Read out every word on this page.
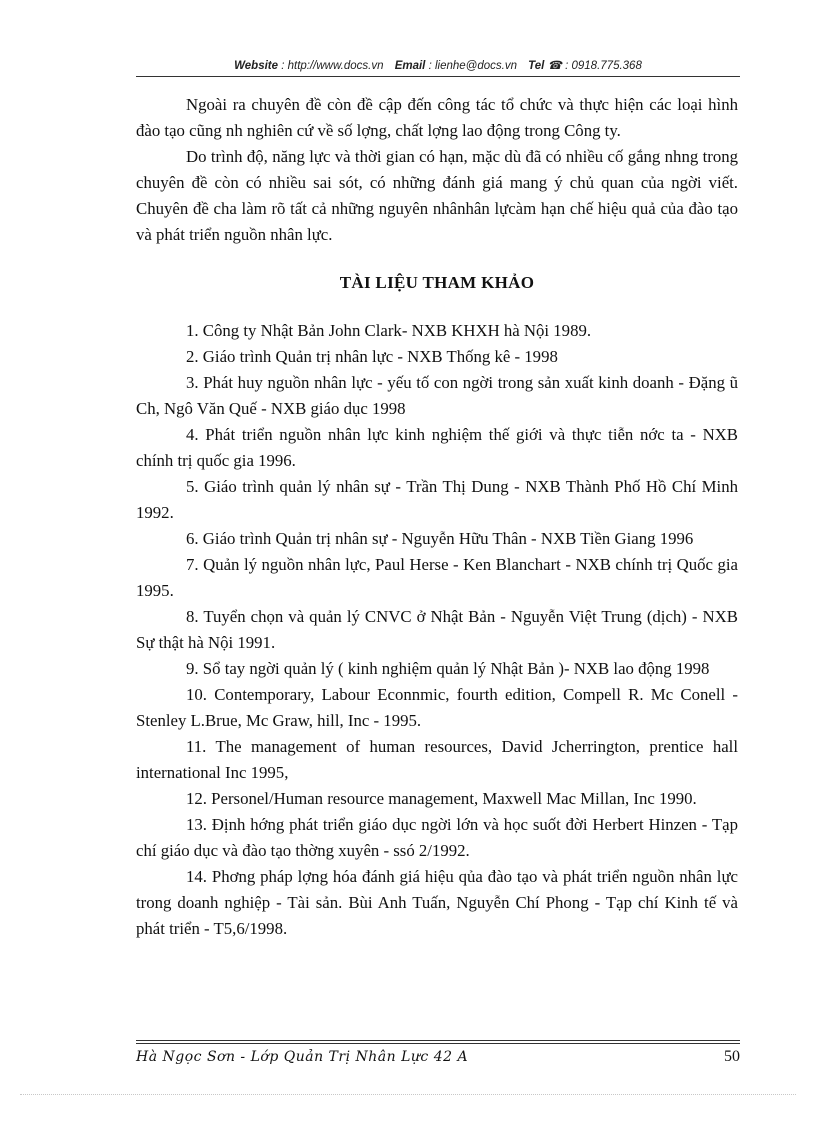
Website : http://www.docs.vn Email : lienhe@docs.vn Tel ☎ : 0918.775.368

Ngoài ra chuyên đề còn đề cập đến công tác tổ chức và thực hiện các loại hình đào tạo cũng nh nghiên cứ về số lợng, chất lợng lao động trong Công ty.

Do trình độ, năng lực và thời gian có hạn, mặc dù đã có nhiều cố gắng nhng trong chuyên đề còn có nhiều sai sót, có những đánh giá mang ý chủ quan của ngời viết. Chuyên đề cha làm rõ tất cả những nguyên nhânhân lựcàm hạn chế hiệu quả của đào tạo và phát triển nguồn nhân lực.

TÀI LIỆU THAM KHẢO

1. Công ty Nhật Bản John Clark- NXB KHXH hà Nội 1989.

2. Giáo trình Quản trị nhân lực - NXB Thống kê - 1998

3. Phát huy nguồn nhân lực - yếu tố con ngời trong sản xuất kinh doanh - Đặng ũ Ch, Ngô Văn Quế - NXB giáo dục 1998

4. Phát triển nguồn nhân lực kinh nghiệm thế giới và thực tiễn nớc ta - NXB chính trị quốc gia 1996.

5. Giáo trình quản lý nhân sự - Trần Thị Dung - NXB Thành Phố Hồ Chí Minh 1992.

6. Giáo trình Quản trị nhân sự - Nguyễn Hữu Thân - NXB Tiền Giang 1996

7. Quản lý nguồn nhân lực, Paul Herse - Ken Blanchart - NXB chính trị Quốc gia 1995.

8. Tuyển chọn và quản lý CNVC ở Nhật Bản - Nguyễn Việt Trung (dịch) - NXB Sự thật hà Nội 1991.

9. Sổ tay ngời quản lý ( kinh nghiệm quản lý Nhật Bản )- NXB lao động 1998

10. Contemporary, Labour Econnmic, fourth edition, Compell R. Mc Conell - Stenley L.Brue, Mc Graw, hill, Inc - 1995.

11. The management of human resources, David Jcherrington, prentice hall international Inc 1995,

12. Personel/Human resource management, Maxwell Mac Millan, Inc 1990.

13. Định hớng phát triển giáo dục ngời lớn và học suốt đời Herbert Hinzen - Tạp chí giáo dục và đào tạo thờng xuyên - ssó 2/1992.

14. Phơng pháp lợng hóa đánh giá hiệu qủa đào tạo và phát triển nguồn nhân lực trong doanh nghiệp - Tài sản. Bùi Anh Tuấn, Nguyễn Chí Phong - Tạp chí Kinh tế và phát triển - T5,6/1998.

Hà Ngọc Sơn - Lớp Quản Trị Nhân Lực 42 A	50
